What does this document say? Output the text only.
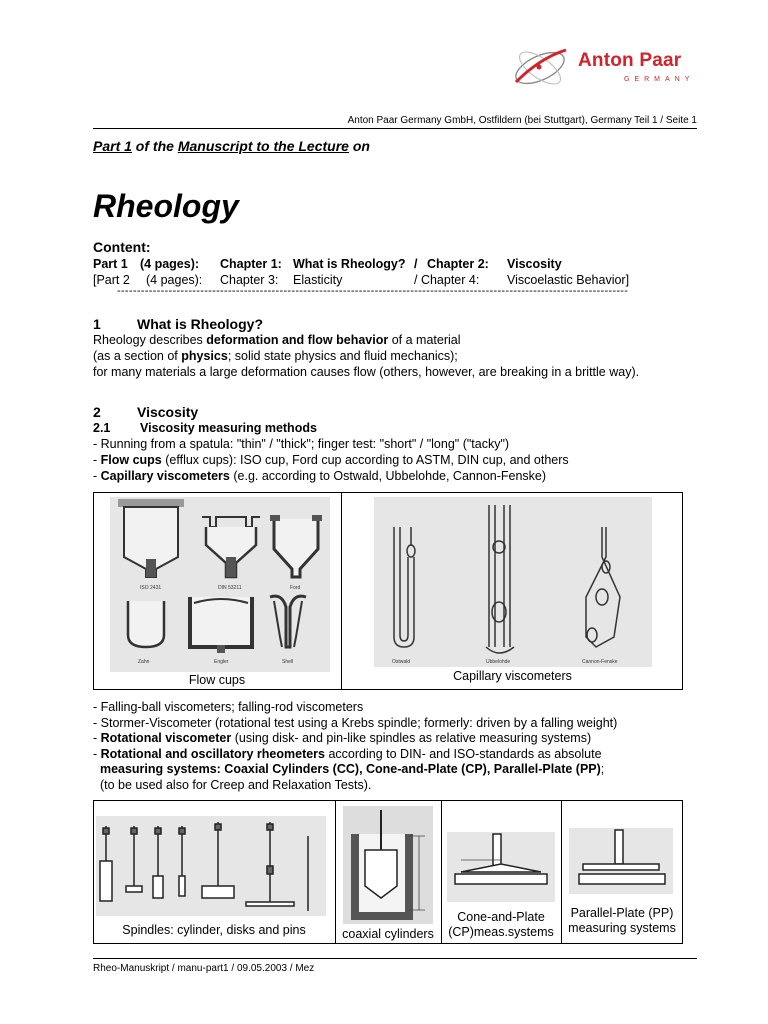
Anton Paar
GERMANY
Anton Paar Germany GmbH, Ostfildern (bei Stuttgart), Germany Teil 1 / Seite 1
Part 1 of the Manuscript to the Lecture on
Rheology
Content:
Part 1 (4 pages): Chapter 1: What is Rheology? / Chapter 2: Viscosity
[Part 2 (4 pages): Chapter 3: Elasticity	/ Chapter 4: Viscoelastic Behavior]
---------------------------------------------------------------------------------------------------------------------------------
1	What is Rheology?
Rheology describes deformation and flow behavior of a material
(as a section of physics; solid state physics and fluid mechanics);
for many materials a large deformation causes flow (others, however, are breaking in a brittle way).
2	Viscosity
2.1 Viscosity measuring methods
- Running from a spatula: "thin" / "thick"; finger test: "short" / "long" ("tacky")
- Flow cups (efflux cups): ISO cup, Ford cup according to ASTM, DIN cup, and others
- Capillary viscometers (e.g. according to Ostwald, Ubbelohde, Cannon-Fenske)
ISO 2431	DIN 53211	Ford
Zahn	Engler	Shell
Flow cups
Ostwald	Ubbelohde	Cannon-Fenske
Capillary viscometers
- Falling-ball viscometers; falling-rod viscometers
- Stormer-Viscometer (rotational test using a Krebs spindle; formerly: driven by a falling weight)
- Rotational viscometer (using disk- and pin-like spindles as relative measuring systems)
- Rotational and oscillatory rheometers according to DIN- and ISO-standards as absolute
measuring systems: Coaxial Cylinders (CC), Cone-and-Plate (CP), Parallel-Plate (PP);
(to be used also for Creep and Relaxation Tests).
Spindles: cylinder, disks and pins	coaxial cylinders
Cone-and-Plate
(CP)meas.systems
Parallel-Plate (PP)
measuring systems
Rheo-Manuskript / manu-part1 / 09.05.2003 / Mez
